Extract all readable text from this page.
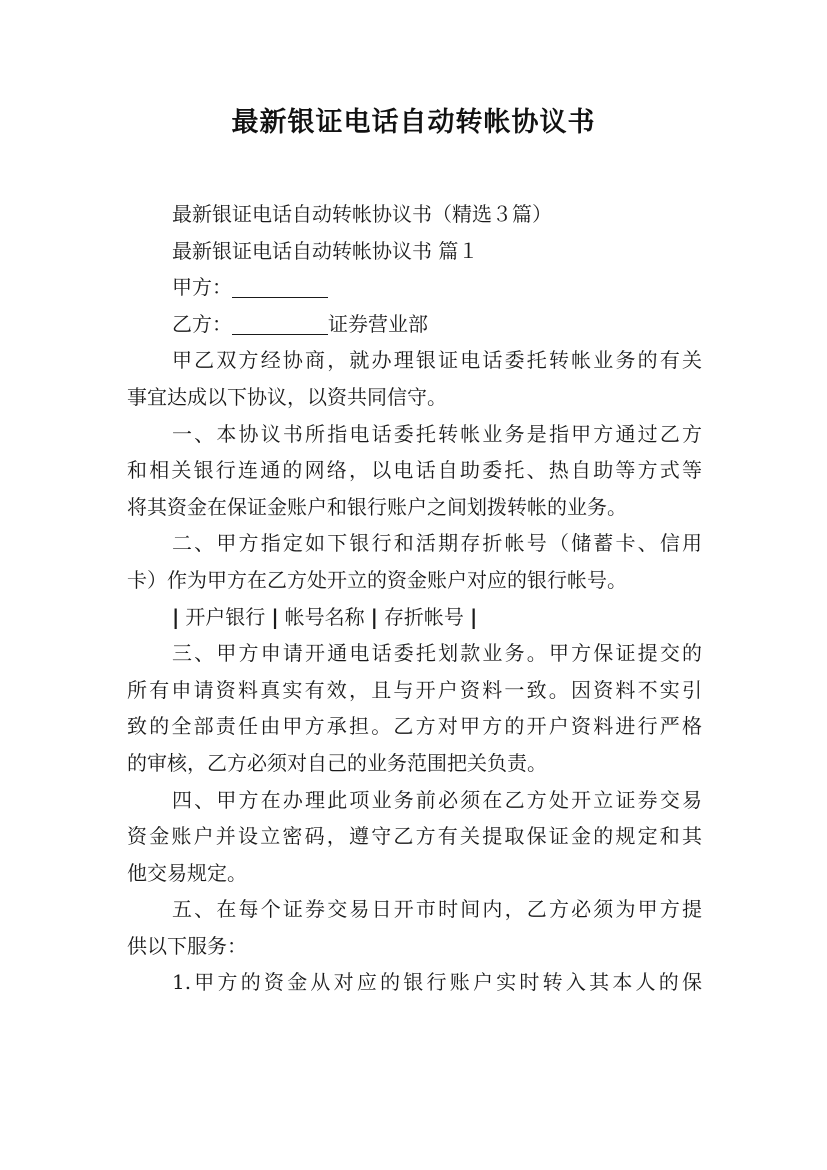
最新银证电话自动转帐协议书
最新银证电话自动转帐协议书（精选３篇）
最新银证电话自动转帐协议书 篇１
甲方：
乙方：	证券营业部
甲乙双方经协商，就办理银证电话委托转帐业务的有关
事宜达成以下协议，以资共同信守。
一、本协议书所指电话委托转帐业务是指甲方通过乙方
和相关银行连通的网络，以电话自助委托、热自助等方式等
将其资金在保证金账户和银行账户之间划拨转帐的业务。
二、甲方指定如下银行和活期存折帐号（储蓄卡、信用
卡）作为甲方在乙方处开立的资金账户对应的银行帐号。
| 开户银行 | 帐号名称 | 存折帐号 |
三、甲方申请开通电话委托划款业务。甲方保证提交的
所有申请资料真实有效，且与开户资料一致。因资料不实引
致的全部责任由甲方承担。乙方对甲方的开户资料进行严格
的审核，乙方必须对自己的业务范围把关负责。
四、甲方在办理此项业务前必须在乙方处开立证券交易
资金账户并设立密码，遵守乙方有关提取保证金的规定和其
他交易规定。
五、在每个证券交易日开市时间内，乙方必须为甲方提
供以下服务：
1.甲方的资金从对应的银行账户实时转入其本人的保
